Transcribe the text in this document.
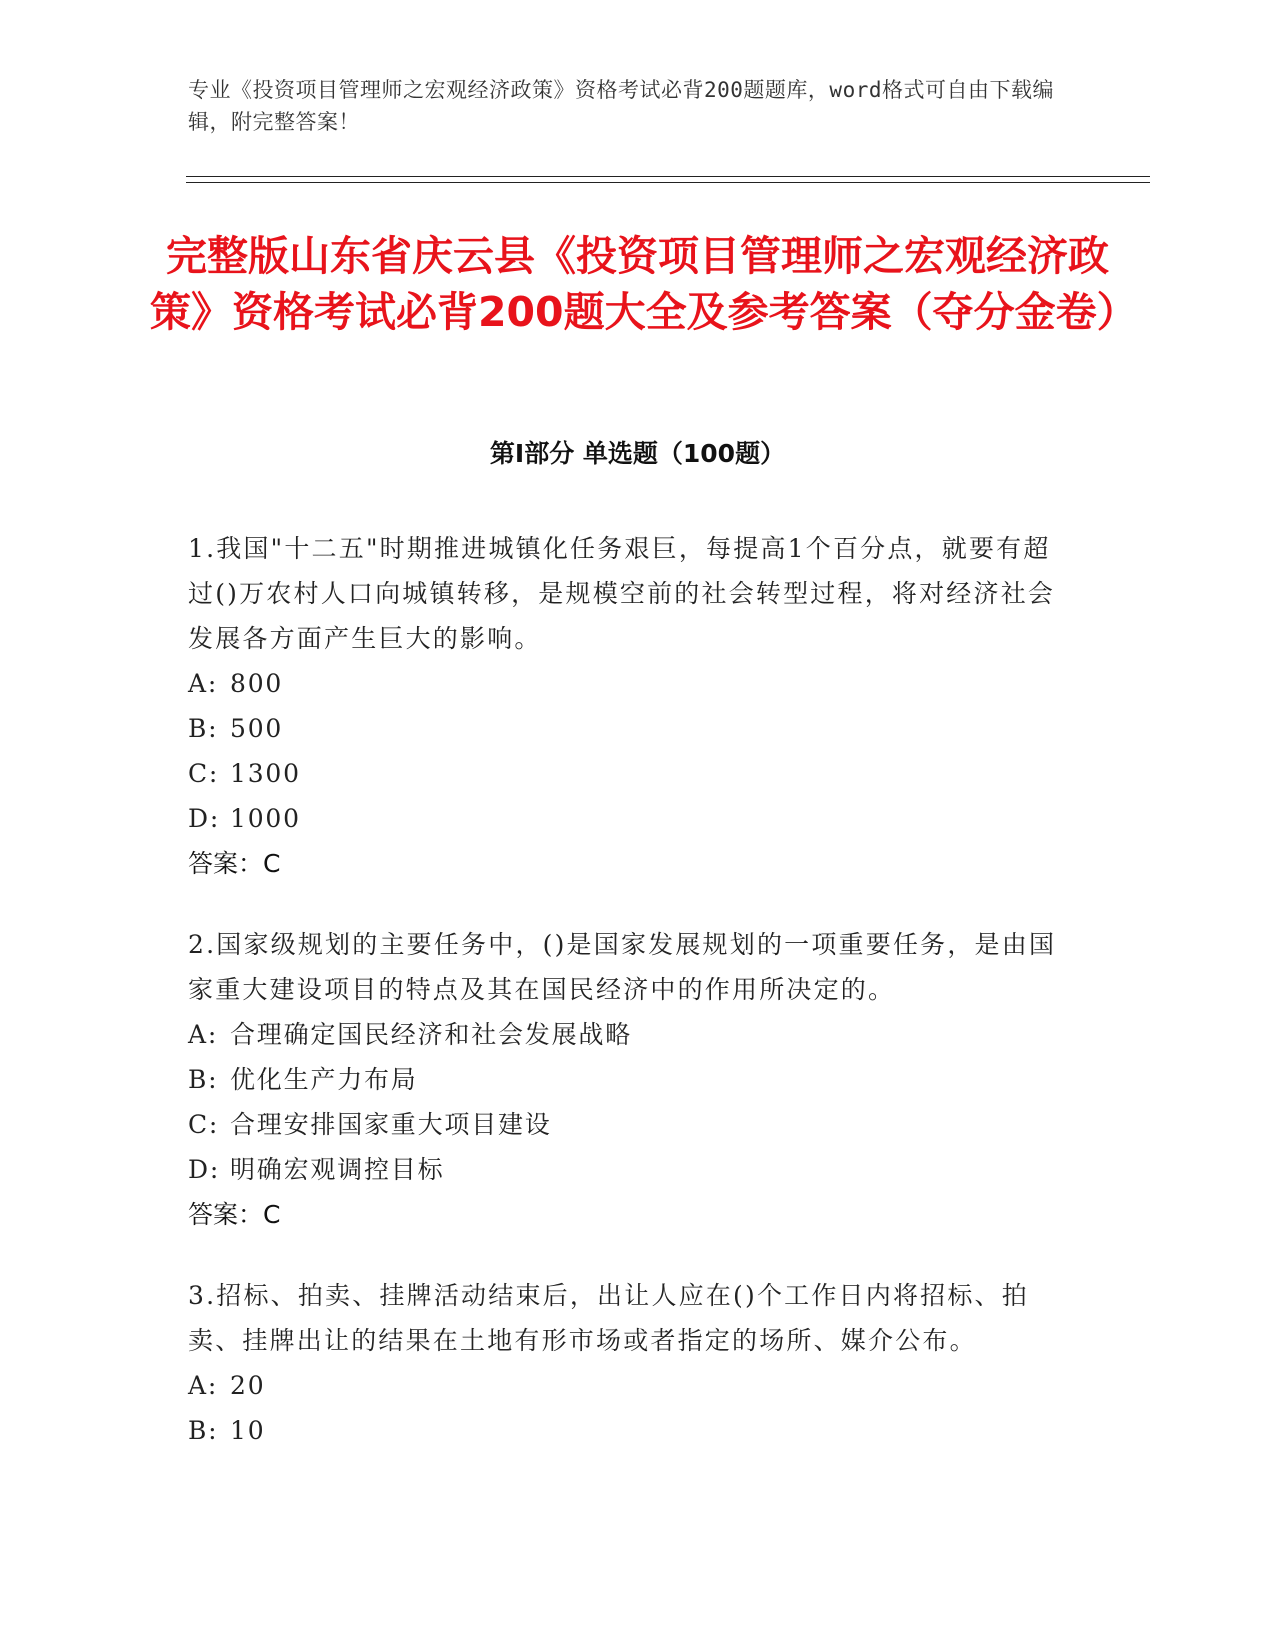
专业《投资项目管理师之宏观经济政策》资格考试必背200题题库，word格式可自由下载编辑，附完整答案！
完整版山东省庆云县《投资项目管理师之宏观经济政策》资格考试必背200题大全及参考答案（夺分金卷）
第Ⅰ部分 单选题（100题）

1.我国"十二五"时期推进城镇化任务艰巨，每提高1个百分点，就要有超过()万农村人口向城镇转移，是规模空前的社会转型过程，将对经济社会发展各方面产生巨大的影响。

A: 800
B: 500
C: 1300
D: 1000
答案：C

2.国家级规划的主要任务中，()是国家发展规划的一项重要任务，是由国家重大建设项目的特点及其在国民经济中的作用所决定的。

A: 合理确定国民经济和社会发展战略
B: 优化生产力布局
C: 合理安排国家重大项目建设
D: 明确宏观调控目标
答案：C

3.招标、拍卖、挂牌活动结束后，出让人应在()个工作日内将招标、拍卖、挂牌出让的结果在土地有形市场或者指定的场所、媒介公布。

A: 20
B: 10
